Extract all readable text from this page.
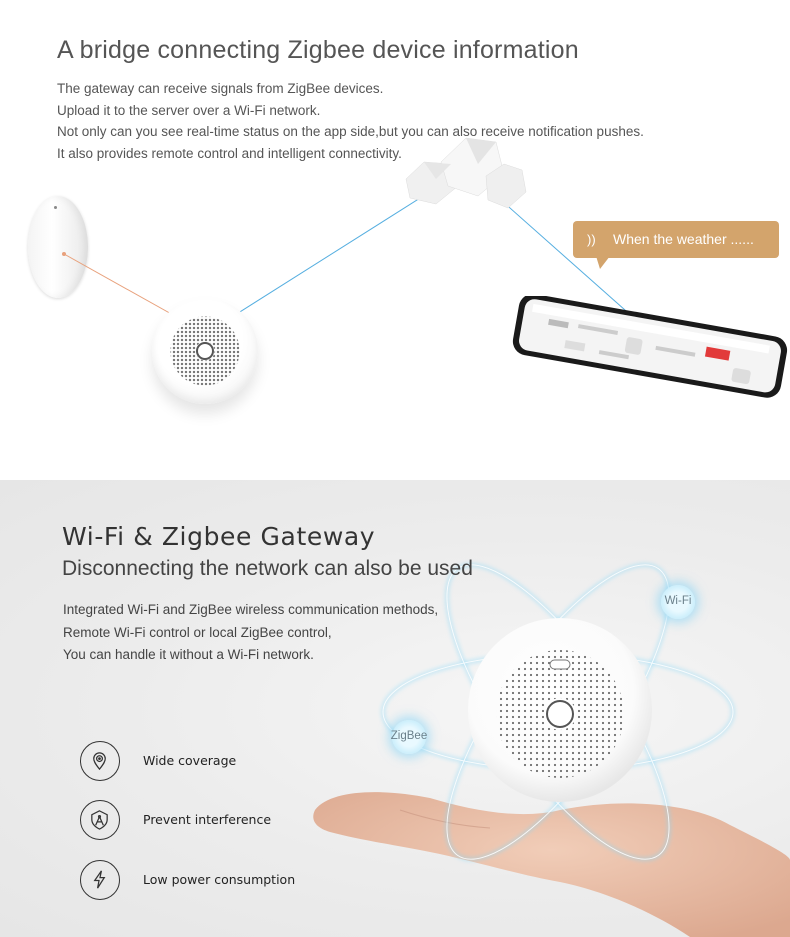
A bridge connecting Zigbee device information
The gateway can receive signals from ZigBee devices.
Upload it to the server over a Wi-Fi network.
Not only can you see real-time status on the app side,but you can also receive notification pushes.
It also provides remote control and intelligent connectivity.
)) When the weather ......
Wi-Fi & Zigbee Gateway
Disconnecting the network can also be used
Integrated Wi-Fi and ZigBee wireless communication methods,
Remote Wi-Fi control or local ZigBee control,
You can handle it without a Wi-Fi network.
Wi-Fi
ZigBee
Wide coverage
Prevent interference
Low power consumption
